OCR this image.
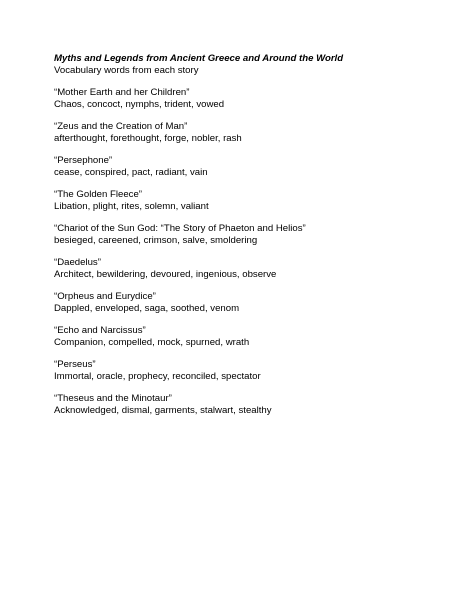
Myths and Legends from Ancient Greece and Around the World
Vocabulary words from each story
“Mother Earth and her Children”
Chaos, concoct, nymphs, trident, vowed
“Zeus and the Creation of Man”
afterthought, forethought, forge, nobler, rash
“Persephone”
cease, conspired, pact, radiant, vain
“The Golden Fleece”
Libation, plight, rites, solemn, valiant
“Chariot of the Sun God: “The Story of Phaeton and Helios”
besieged, careened, crimson, salve, smoldering
“Daedelus”
Architect, bewildering, devoured, ingenious, observe
“Orpheus and Eurydice”
Dappled, enveloped, saga, soothed, venom
“Echo and Narcissus”
Companion, compelled, mock, spurned, wrath
“Perseus”
Immortal, oracle, prophecy, reconciled, spectator
“Theseus and the Minotaur”
Acknowledged, dismal, garments, stalwart, stealthy
